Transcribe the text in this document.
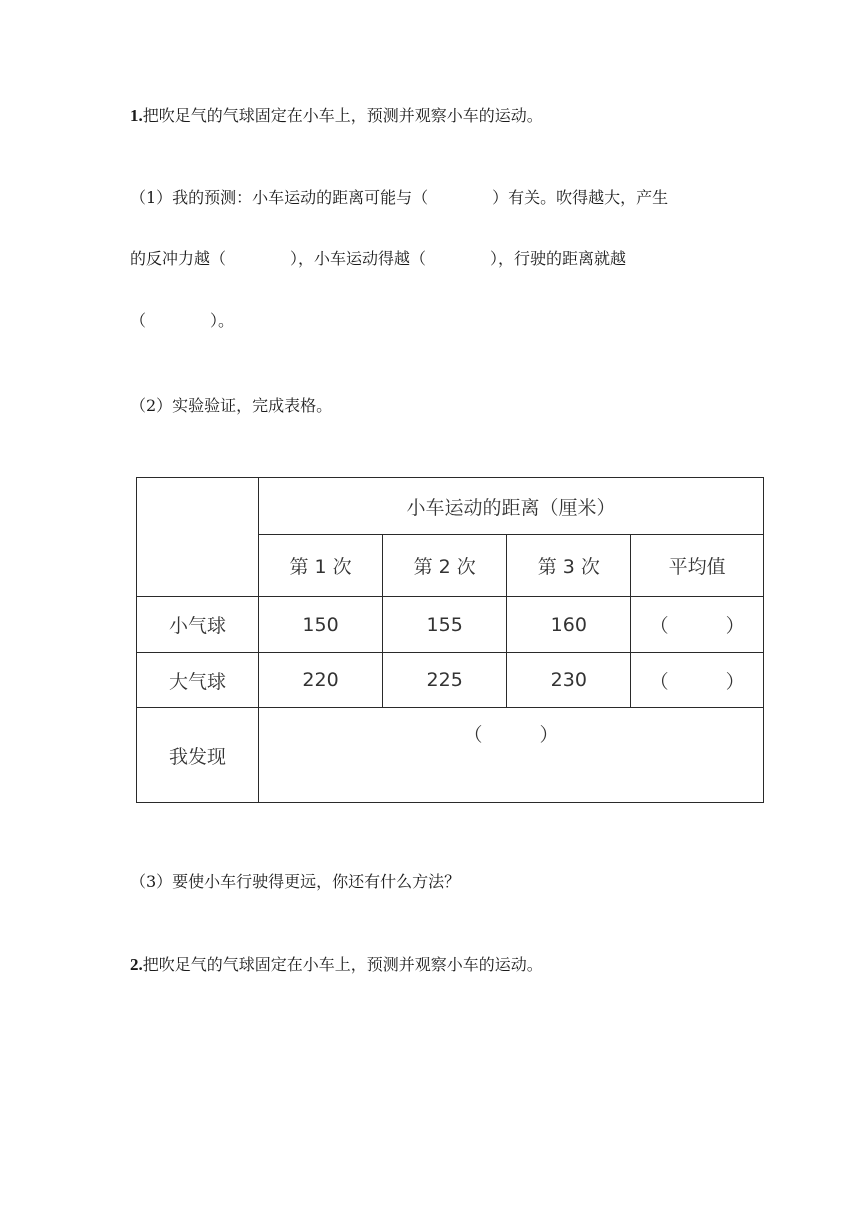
1.把吹足气的气球固定在小车上，预测并观察小车的运动。
（1）我的预测：小车运动的距离可能与（　　　　）有关。吹得越大，产生
的反冲力越（　　　　），小车运动得越（　　　　），行驶的距离就越
（　　　　）。
（2）实验验证，完成表格。
	小车运动的距离（厘米）			
	第 1 次	第 2 次	第 3 次	平均值
小气球	150	155	160	（　　　）
大气球	220	225	230	（　　　）
我发现	（　　　）			
（3）要使小车行驶得更远，你还有什么方法？
2.把吹足气的气球固定在小车上，预测并观察小车的运动。
